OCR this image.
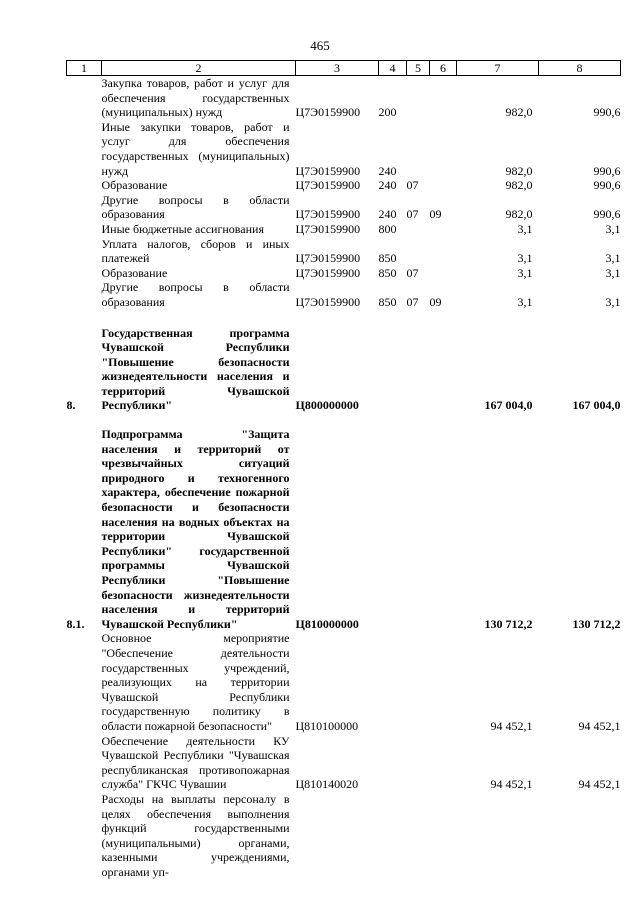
465
1	2	3	4	5	6	7	8
	Закупка товаров, работ и услуг для обеспечения государственных (муниципальных) нужд	Ц7Э0159900	200			982,0	990,6
	Иные закупки товаров, работ и услуг для обеспечения государственных (муниципальных) нужд	Ц7Э0159900	240			982,0	990,6
	Образование	Ц7Э0159900	240	07		982,0	990,6
	Другие вопросы в области образования	Ц7Э0159900	240	07	09	982,0	990,6
	Иные бюджетные ассигнования	Ц7Э0159900	800			3,1	3,1
	Уплата налогов, сборов и иных платежей	Ц7Э0159900	850			3,1	3,1
	Образование	Ц7Э0159900	850	07		3,1	3,1
	Другие вопросы в области образования	Ц7Э0159900	850	07	09	3,1	3,1
8.	Государственная программа Чувашской Республики "Повышение безопасности жизнедеятельности населения и территорий Чувашской Республики"	Ц800000000				167 004,0	167 004,0
8.1.	Подпрограмма "Защита населения и территорий от чрезвычайных ситуаций природного и техногенного характера, обеспечение пожарной безопасности и безопасности населения на водных объектах на территории Чувашской Республики" государственной программы Чувашской Республики "Повышение безопасности жизнедеятельности населения и территорий Чувашской Республики"	Ц810000000				130 712,2	130 712,2
	Основное мероприятие "Обеспечение деятельности государственных учреждений, реализующих на территории Чувашской Республики государственную политику в области пожарной безопасности"	Ц810100000				94 452,1	94 452,1
	Обеспечение деятельности КУ Чувашской Республики "Чувашская республиканская противопожарная служба" ГКЧС Чувашии	Ц810140020				94 452,1	94 452,1
	Расходы на выплаты персоналу в целях обеспечения выполнения функций государственными (муниципальными) органами, казенными учреждениями, органами уп-						
